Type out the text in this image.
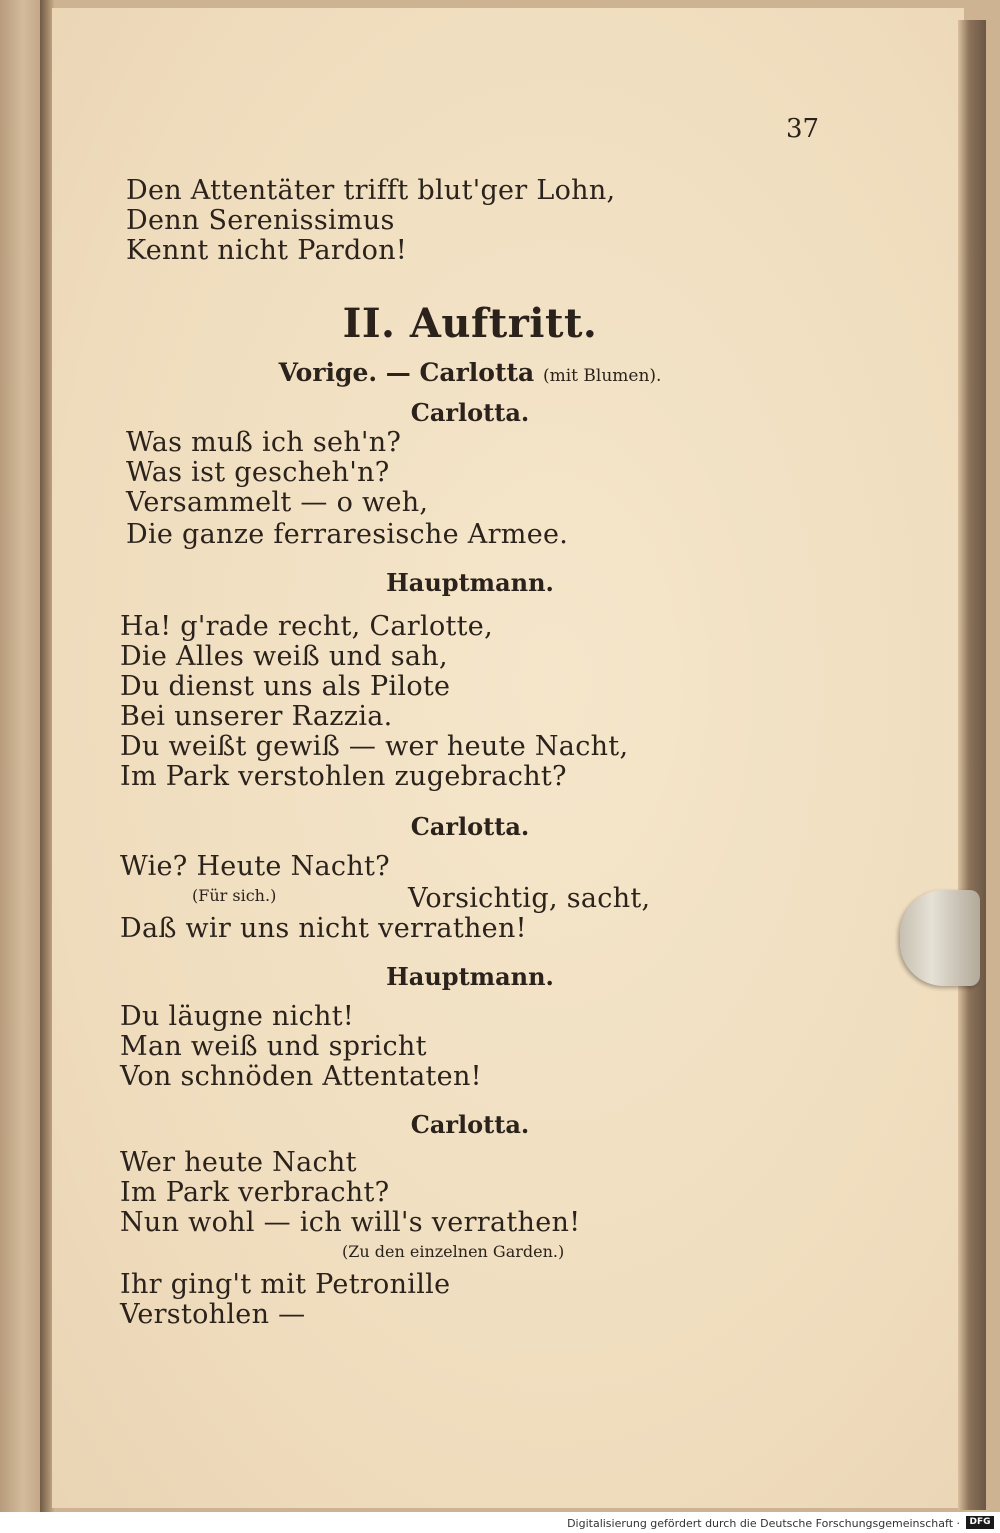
37
Den Attentäter trifft blut'ger Lohn,
Denn Serenissimus
Kennt nicht Pardon!
II. Auftritt.
Vorige. — Carlotta (mit Blumen).
Carlotta.
Was muß ich seh'n?
Was ist gescheh'n?
Versammelt — o weh,
Die ganze ferraresische Armee.
Hauptmann.
Ha! g'rade recht, Carlotte,
Die Alles weiß und sah,
Du dienst uns als Pilote
Bei unserer Razzia.
Du weißt gewiß — wer heute Nacht,
Im Park verstohlen zugebracht?
Carlotta.
Wie? Heute Nacht?
(Für sich.)	Vorsichtig, sacht,
Daß wir uns nicht verrathen!
Hauptmann.
Du läugne nicht!
Man weiß und spricht
Von schnöden Attentaten!
Carlotta.
Wer heute Nacht
Im Park verbracht?
Nun wohl — ich will's verrathen!
(Zu den einzelnen Garden.)
Ihr ging't mit Petronille
Verstohlen —
Digitalisierung gefördert durch die Deutsche Forschungsgemeinschaft ·	DFG
